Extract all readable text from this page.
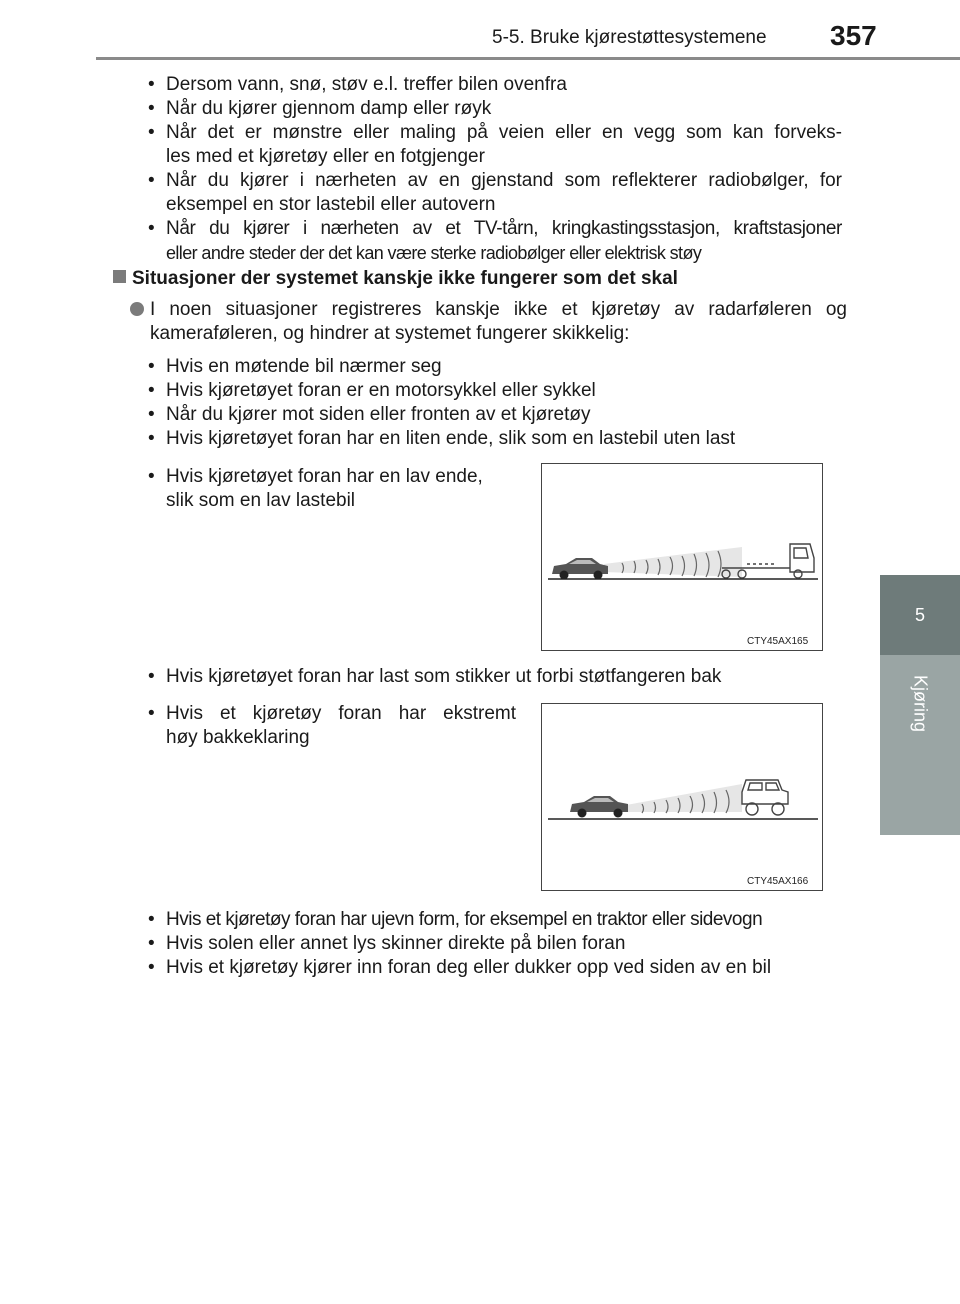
5-5. Bruke kjørestøttesystemene 357
5
Kjøring
• Dersom vann, snø, støv e.l. treffer bilen ovenfra
• Når du kjører gjennom damp eller røyk
• Når det er mønstre eller maling på veien eller en vegg som kan forveks-
les med et kjøretøy eller en fotgjenger
• Når du kjører i nærheten av en gjenstand som reflekterer radiobølger, for
eksempel en stor lastebil eller autovern
• Når du kjører i nærheten av et TV-tårn, kringkastingsstasjon, kraftstasjoner
eller andre steder der det kan være sterke radiobølger eller elektrisk støy
Situasjoner der systemet kanskje ikke fungerer som det skal
I noen situasjoner registreres kanskje ikke et kjøretøy av radarføleren og kameraføleren, og hindrer at systemet fungerer skikkelig:
• Hvis en møtende bil nærmer seg
• Hvis kjøretøyet foran er en motorsykkel eller sykkel
• Når du kjører mot siden eller fronten av et kjøretøy
• Hvis kjøretøyet foran har en liten ende, slik som en lastebil uten last
• Hvis kjøretøyet foran har en lav ende,
slik som en lav lastebil
CTY45AX165
• Hvis kjøretøyet foran har last som stikker ut forbi støtfangeren bak
• Hvis et kjøretøy foran har ekstremt
høy bakkeklaring
CTY45AX166
• Hvis et kjøretøy foran har ujevn form, for eksempel en traktor eller sidevogn
• Hvis solen eller annet lys skinner direkte på bilen foran
• Hvis et kjøretøy kjører inn foran deg eller dukker opp ved siden av en bil
